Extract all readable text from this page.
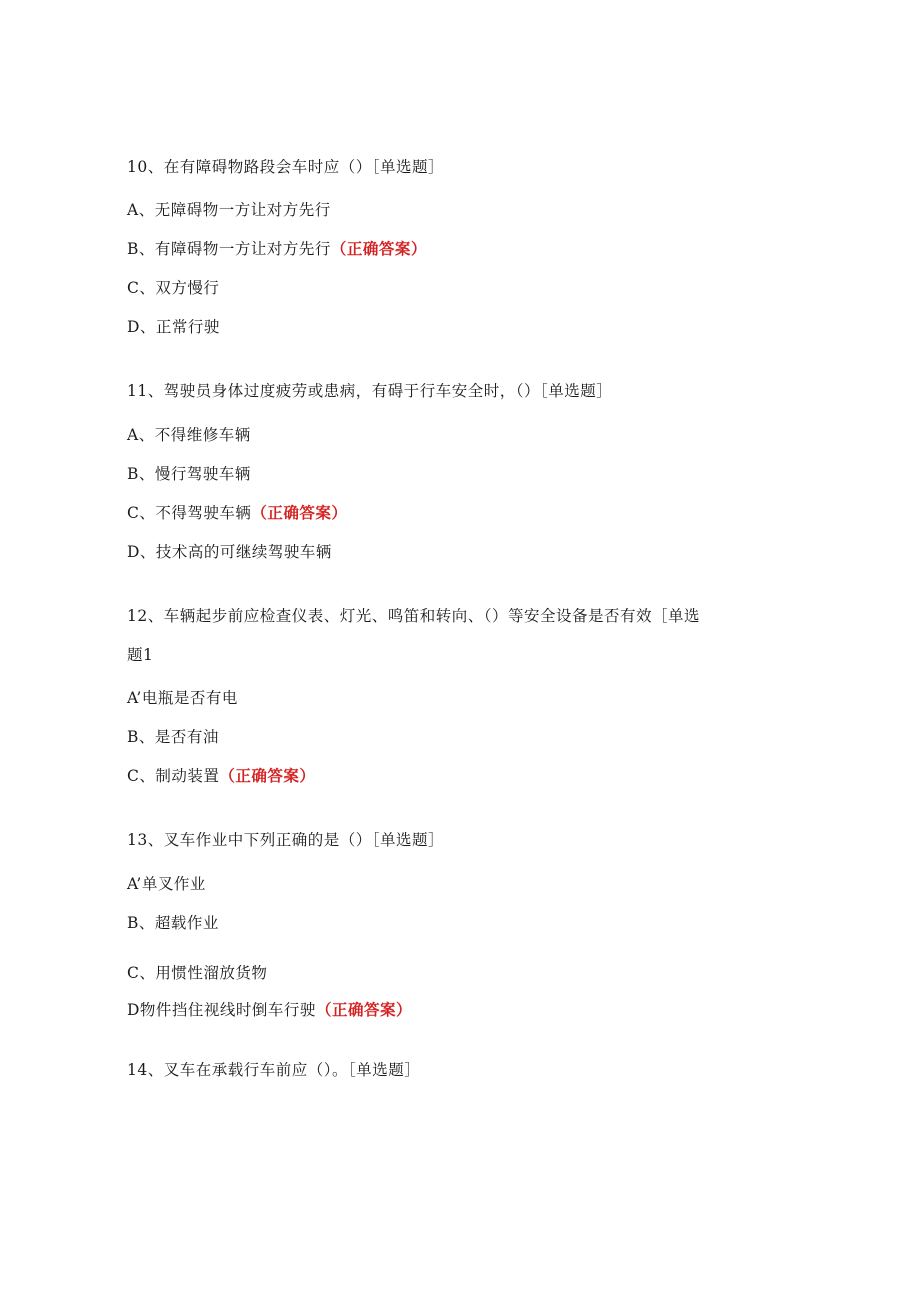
10、在有障碍物路段会车时应（）［单选题］
A、无障碍物一方让对方先行
B、有障碍物一方让对方先行（正确答案）
C、双方慢行
D、正常行驶
11、驾驶员身体过度疲劳或患病，有碍于行车安全时，（）［单选题］
A、不得维修车辆
B、慢行驾驶车辆
C、不得驾驶车辆（正确答案）
D、技术高的可继续驾驶车辆
12、车辆起步前应检查仪表、灯光、鸣笛和转向、（）等安全设备是否有效［单选
题1
A’电瓶是否有电
B、是否有油
C、制动装置（正确答案）
13、叉车作业中下列正确的是（）［单选题］
A’单叉作业
B、超载作业
C、用惯性溜放货物
D物件挡住视线时倒车行驶（正确答案）
14、叉车在承载行车前应（）。［单选题］
